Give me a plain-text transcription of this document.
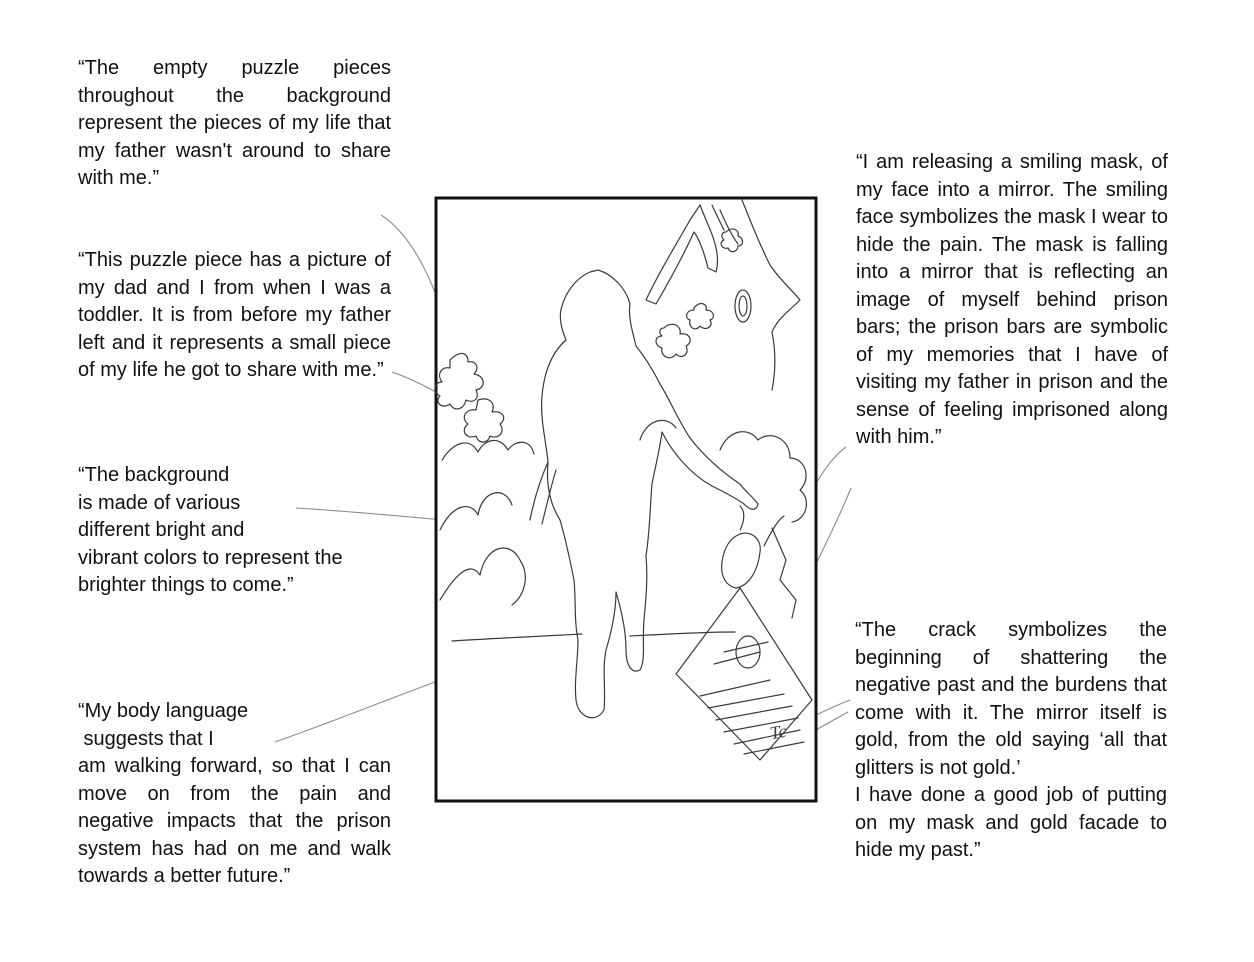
Tc

“The empty puzzle pieces throughout the background represent the pieces of my life that my father wasn't around to share with me.”

“This puzzle piece has a picture of my dad and I from when I was a toddler. It is from before my father left and it represents a small piece of my life he got to share with me.”

“The background
is made of various
different bright and
vibrant colors to represent the
brighter things to come.”
“My body language
suggests that I

am walking forward, so that I can move on from the pain and negative impacts that the prison system has had on me and walk towards a better future.”

“I am releasing a smiling mask, of my face into a mirror. The smiling face symbolizes the mask I wear to hide the pain. The mask is falling into a mirror that is reflecting an image of myself behind prison bars; the prison bars are symbolic of my memories that I have of visiting my father in prison and the sense of feeling imprisoned along with him.”

“The crack symbolizes the beginning of shattering the negative past and the burdens that come with it. The mirror itself is gold, from the old saying ‘all that glitters is not gold.’

I have done a good job of putting on my mask and gold facade to hide my past.”
